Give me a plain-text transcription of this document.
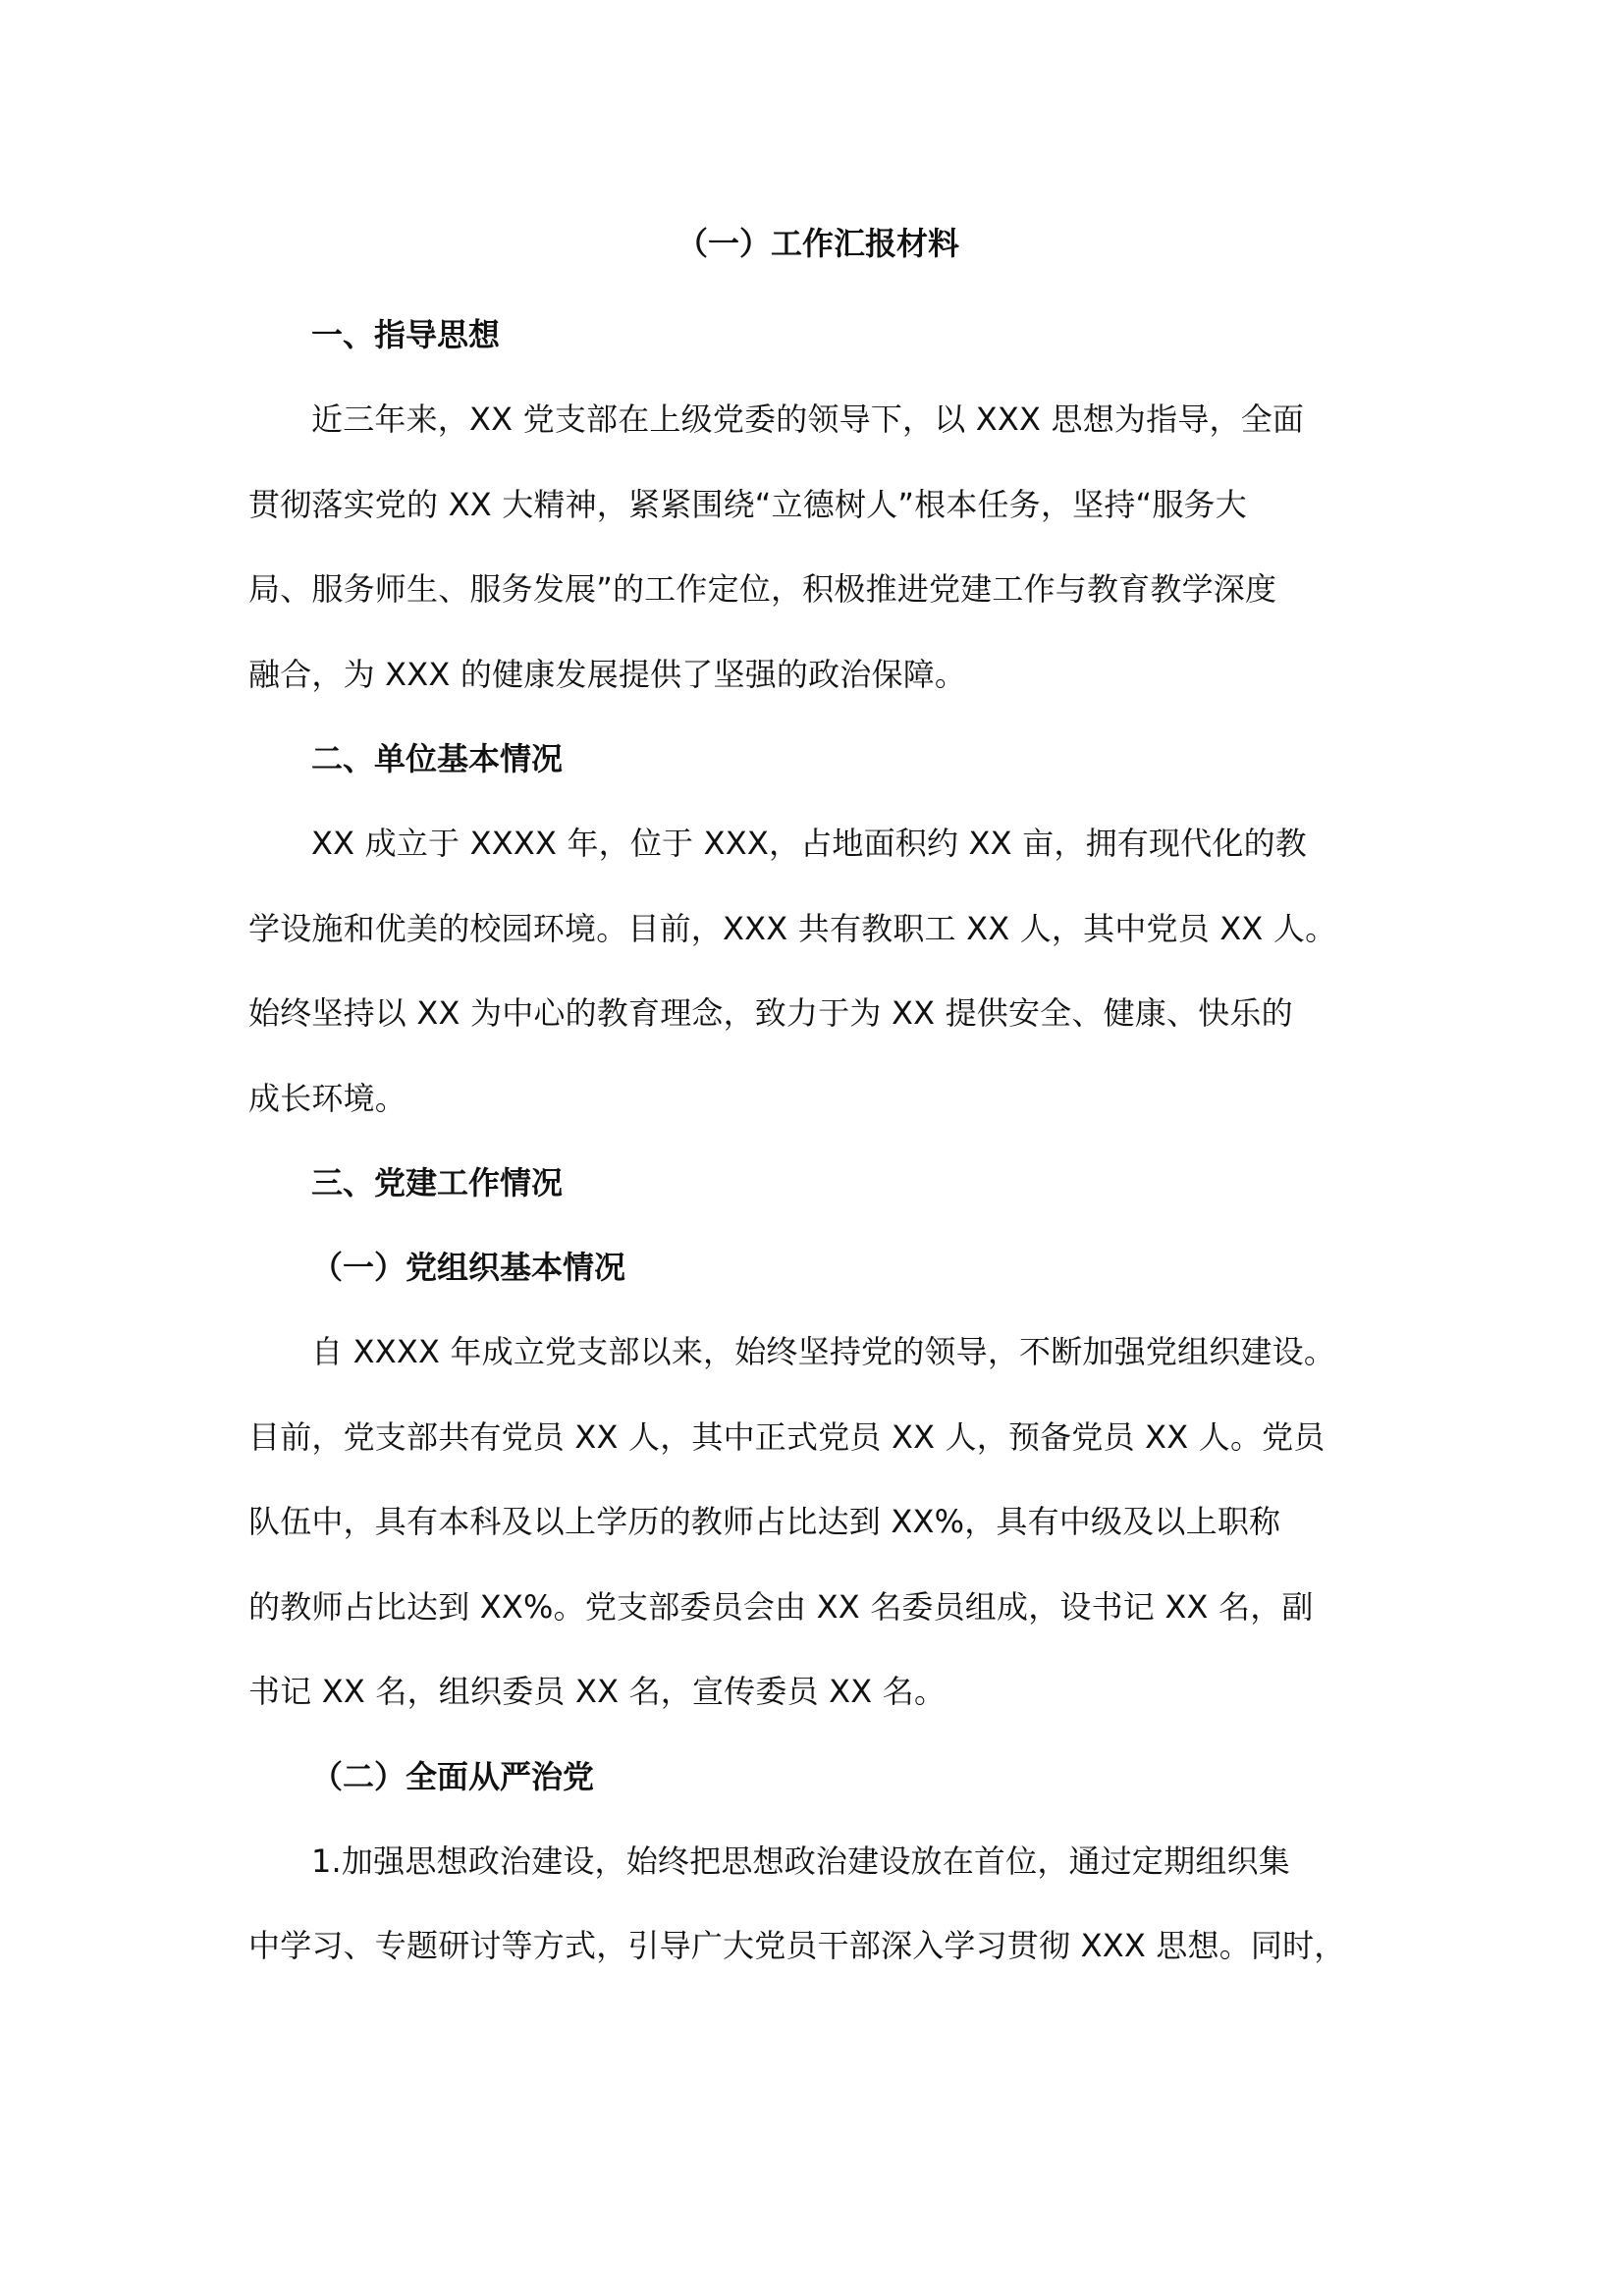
（一）工作汇报材料
一、指导思想
近三年来，XX 党支部在上级党委的领导下，以 XXX 思想为指导，全面
贯彻落实党的 XX 大精神，紧紧围绕“立德树人”根本任务，坚持“服务大
局、服务师生、服务发展”的工作定位，积极推进党建工作与教育教学深度
融合，为 XXX 的健康发展提供了坚强的政治保障。
二、单位基本情况
XX 成立于 XXXX 年，位于 XXX，占地面积约 XX 亩，拥有现代化的教
学设施和优美的校园环境。目前，XXX 共有教职工 XX 人，其中党员 XX 人。
始终坚持以 XX 为中心的教育理念，致力于为 XX 提供安全、健康、快乐的
成长环境。
三、党建工作情况
（一）党组织基本情况
自 XXXX 年成立党支部以来，始终坚持党的领导，不断加强党组织建设。
目前，党支部共有党员 XX 人，其中正式党员 XX 人，预备党员 XX 人。党员
队伍中，具有本科及以上学历的教师占比达到 XX%，具有中级及以上职称
的教师占比达到 XX%。党支部委员会由 XX 名委员组成，设书记 XX 名，副
书记 XX 名，组织委员 XX 名，宣传委员 XX 名。
（二）全面从严治党
1.加强思想政治建设，始终把思想政治建设放在首位，通过定期组织集
中学习、专题研讨等方式，引导广大党员干部深入学习贯彻 XXX 思想。同时，
